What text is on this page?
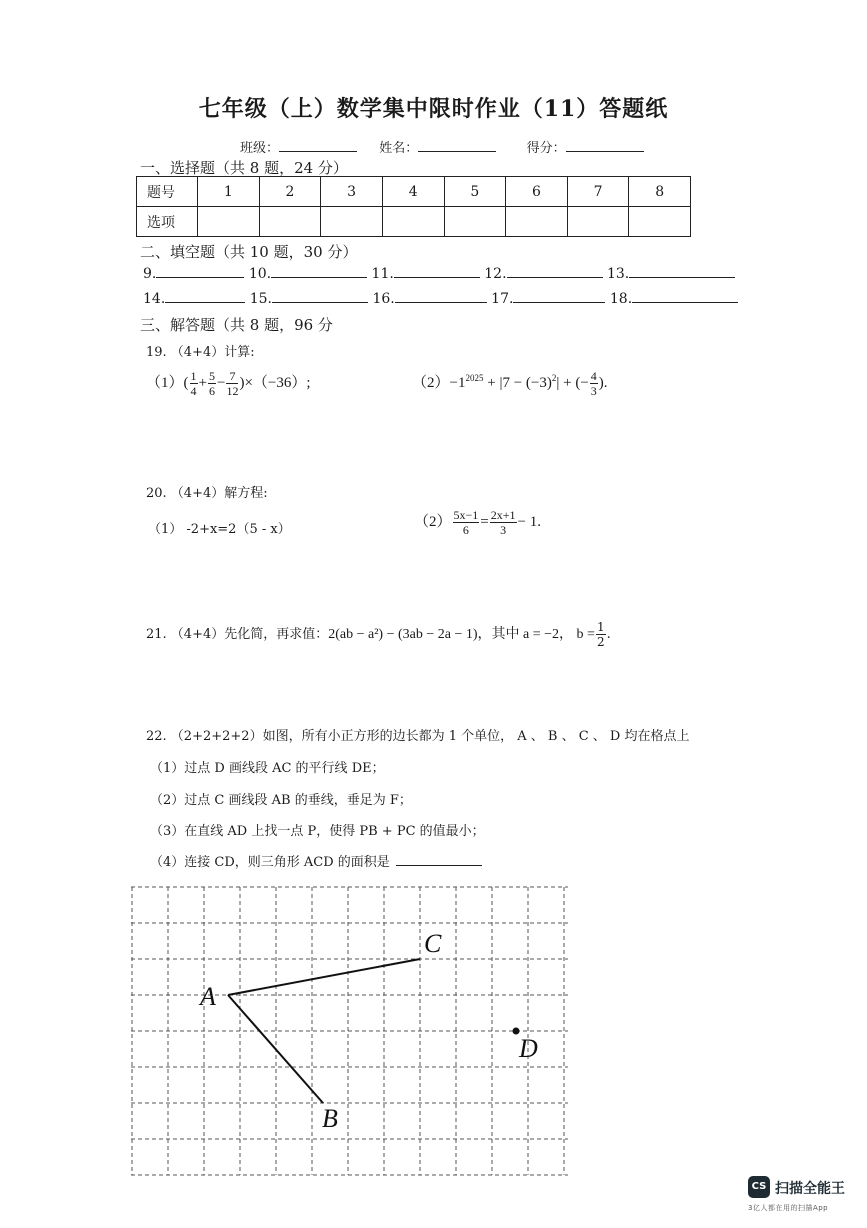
七年级（上）数学集中限时作业（11）答题纸
班级：	姓名：	得分：
一、选择题（共 8 题，24 分）
题号	1	2	3	4	5	6	7	8
选项								
二、填空题（共 10 题，30 分）
9.	10.	11.	12.	13.
14.	15.	16.	17.	18.
三、解答题（共 8 题，96 分
19. （4+4）计算:
$(1)( \frac{1}{4} + \frac{5}{6} - \frac{7}{12} )\times(-36)$;	$(2)-1^{2025} + |7 - (-3)^2|$ + (− $\frac{4}{3}$ ).
20. （4+4）解方程:
（1） -2+x=2（5 - x）	$(2) \frac{5x-1}{6} = \frac{2x+1}{3} - 1$.
21. （4+4）先化简，再求值：2(ab − a²) − (3ab − 2a − 1)，其中 a = −2， $b = \frac{1}{2}$ .
22. （2+2+2+2）如图，所有小正方形的边长都为 1 个单位， A 、 B 、 C 、 D 均在格点上
（1）过点 D 画线段 AC 的平行线 DE；
（2）过点 C 画线段 AB 的垂线，垂足为 F；
（3）在直线 AD 上找一点 P，使得 PB + PC 的值最小；
（4）连接 CD，则三角形 ACD 的面积是
A
C
D
B
CS 扫描全能王
3亿人都在用的扫描App
